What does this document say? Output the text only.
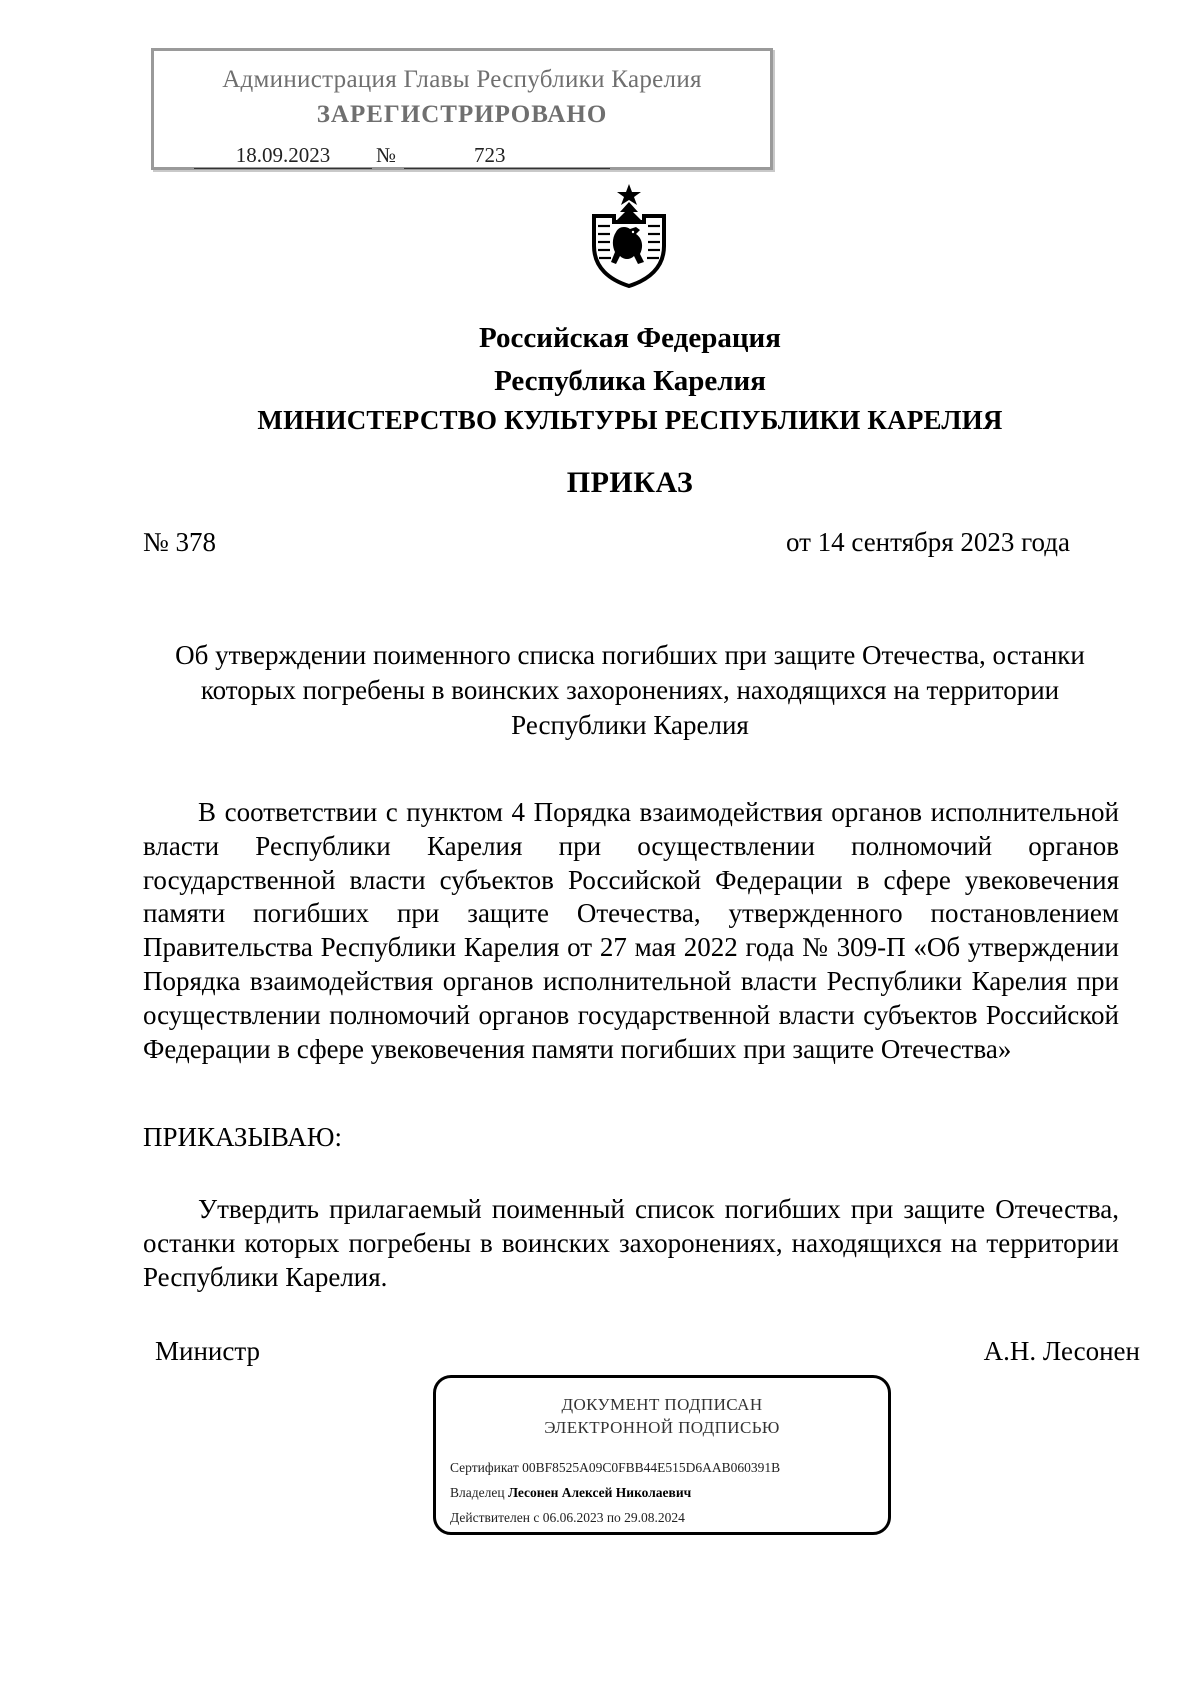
Администрация Главы Республики Карелия
ЗАРЕГИСТРИРОВАНО
18.09.2023	№	723
Российская Федерация
Республика Карелия
МИНИСТЕРСТВО КУЛЬТУРЫ РЕСПУБЛИКИ КАРЕЛИЯ
ПРИКАЗ
№ 378	от 14 сентября 2023 года
Об утверждении поименного списка погибших при защите Отечества, останки которых погребены в воинских захоронениях, находящихся на территории Республики Карелия
В соответствии с пунктом 4 Порядка взаимодействия органов исполнительной власти Республики Карелия при осуществлении полномочий органов государственной власти субъектов Российской Федерации в сфере увековечения памяти погибших при защите Отечества, утвержденного постановлением Правительства Республики Карелия от 27 мая 2022 года № 309-П «Об утверждении Порядка взаимодействия органов исполнительной власти Республики Карелия при осуществлении полномочий органов государственной власти субъектов Российской Федерации в сфере увековечения памяти погибших при защите Отечества»
ПРИКАЗЫВАЮ:
Утвердить прилагаемый поименный список погибших при защите Отечества, останки которых погребены в воинских захоронениях, находящихся на территории Республики Карелия.
Министр	А.Н. Лесонен
ДОКУМЕНТ ПОДПИСАН
ЭЛЕКТРОННОЙ ПОДПИСЬЮ
Сертификат 00BF8525A09C0FBB44E515D6AAB060391B
Владелец Лесонен Алексей Николаевич
Действителен с 06.06.2023 по 29.08.2024
